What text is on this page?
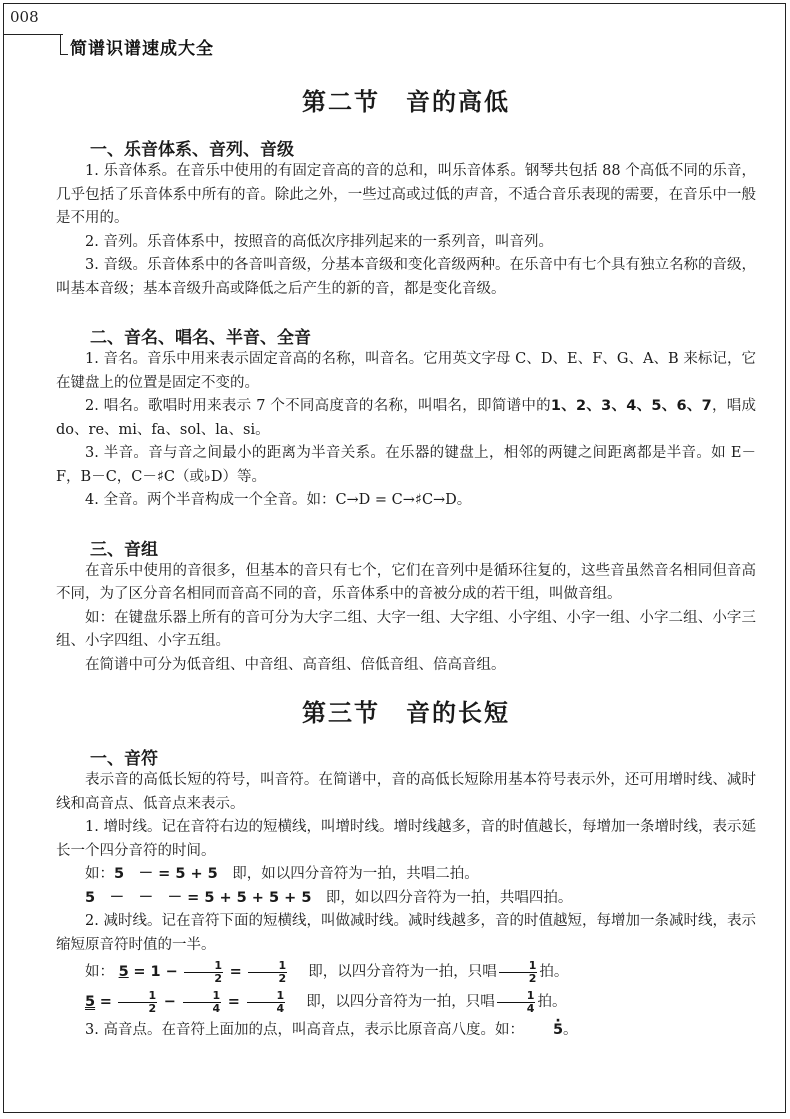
008
简谱识谱速成大全
第二节　音的高低
一、乐音体系、音列、音级

1. 乐音体系。在音乐中使用的有固定音高的音的总和，叫乐音体系。钢琴共包括 88 个高低不同的乐音，几乎包括了乐音体系中所有的音。除此之外，一些过高或过低的声音，不适合音乐表现的需要，在音乐中一般是不用的。

2. 音列。乐音体系中，按照音的高低次序排列起来的一系列音，叫音列。

3. 音级。乐音体系中的各音叫音级，分基本音级和变化音级两种。在乐音中有七个具有独立名称的音级，叫基本音级；基本音级升高或降低之后产生的新的音，都是变化音级。

二、音名、唱名、半音、全音

1. 音名。音乐中用来表示固定音高的名称，叫音名。它用英文字母 C、D、E、F、G、A、B 来标记，它在键盘上的位置是固定不变的。

2. 唱名。歌唱时用来表示 7 个不同高度音的名称，叫唱名，即简谱中的1、2、3、4、5、6、7，唱成 do、re、mi、fa、sol、la、si。

3. 半音。音与音之间最小的距离为半音关系。在乐器的键盘上，相邻的两键之间距离都是半音。如 E－F，B－C，C－♯C（或♭D）等。

4. 全音。两个半音构成一个全音。如：C→D = C→♯C→D。

三、音组

在音乐中使用的音很多，但基本的音只有七个，它们在音列中是循环往复的，这些音虽然音名相同但音高不同，为了区分音名相同而音高不同的音，乐音体系中的音被分成的若干组，叫做音组。

如：在键盘乐器上所有的音可分为大字二组、大字一组、大字组、小字组、小字一组、小字二组、小字三组、小字四组、小字五组。

在简谱中可分为低音组、中音组、高音组、倍低音组、倍高音组。

第三节　音的长短
一、音符

表示音的高低长短的符号，叫音符。在简谱中，音的高低长短除用基本符号表示外，还可用增时线、减时线和高音点、低音点来表示。

1. 增时线。记在音符右边的短横线，叫增时线。增时线越多，音的时值越长，每增加一条增时线，表示延长一个四分音符的时间。

如：5　－ = 5 + 5　即，如以四分音符为一拍，共唱二拍。

5　－　－　－ = 5 + 5 + 5 + 5　即，如以四分音符为一拍，共唱四拍。

2. 减时线。记在音符下面的短横线，叫做减时线。减时线越多，音的时值越短，每增加一条减时线，表示缩短原音符时值的一半。

如： $5 = 1 - \frac{1}{2} = \frac{1}{2}$ 　即，以四分音符为一拍，只唱 $\frac{1}{2}$ 拍。

$5 = \frac{1}{2} - \frac{1}{4} = \frac{1}{4}$ 　即，以四分音符为一拍，只唱 $\frac{1}{4}$ 拍。

3. 高音点。在音符上面加的点，叫高音点，表示比原音高八度。如：· 5。
